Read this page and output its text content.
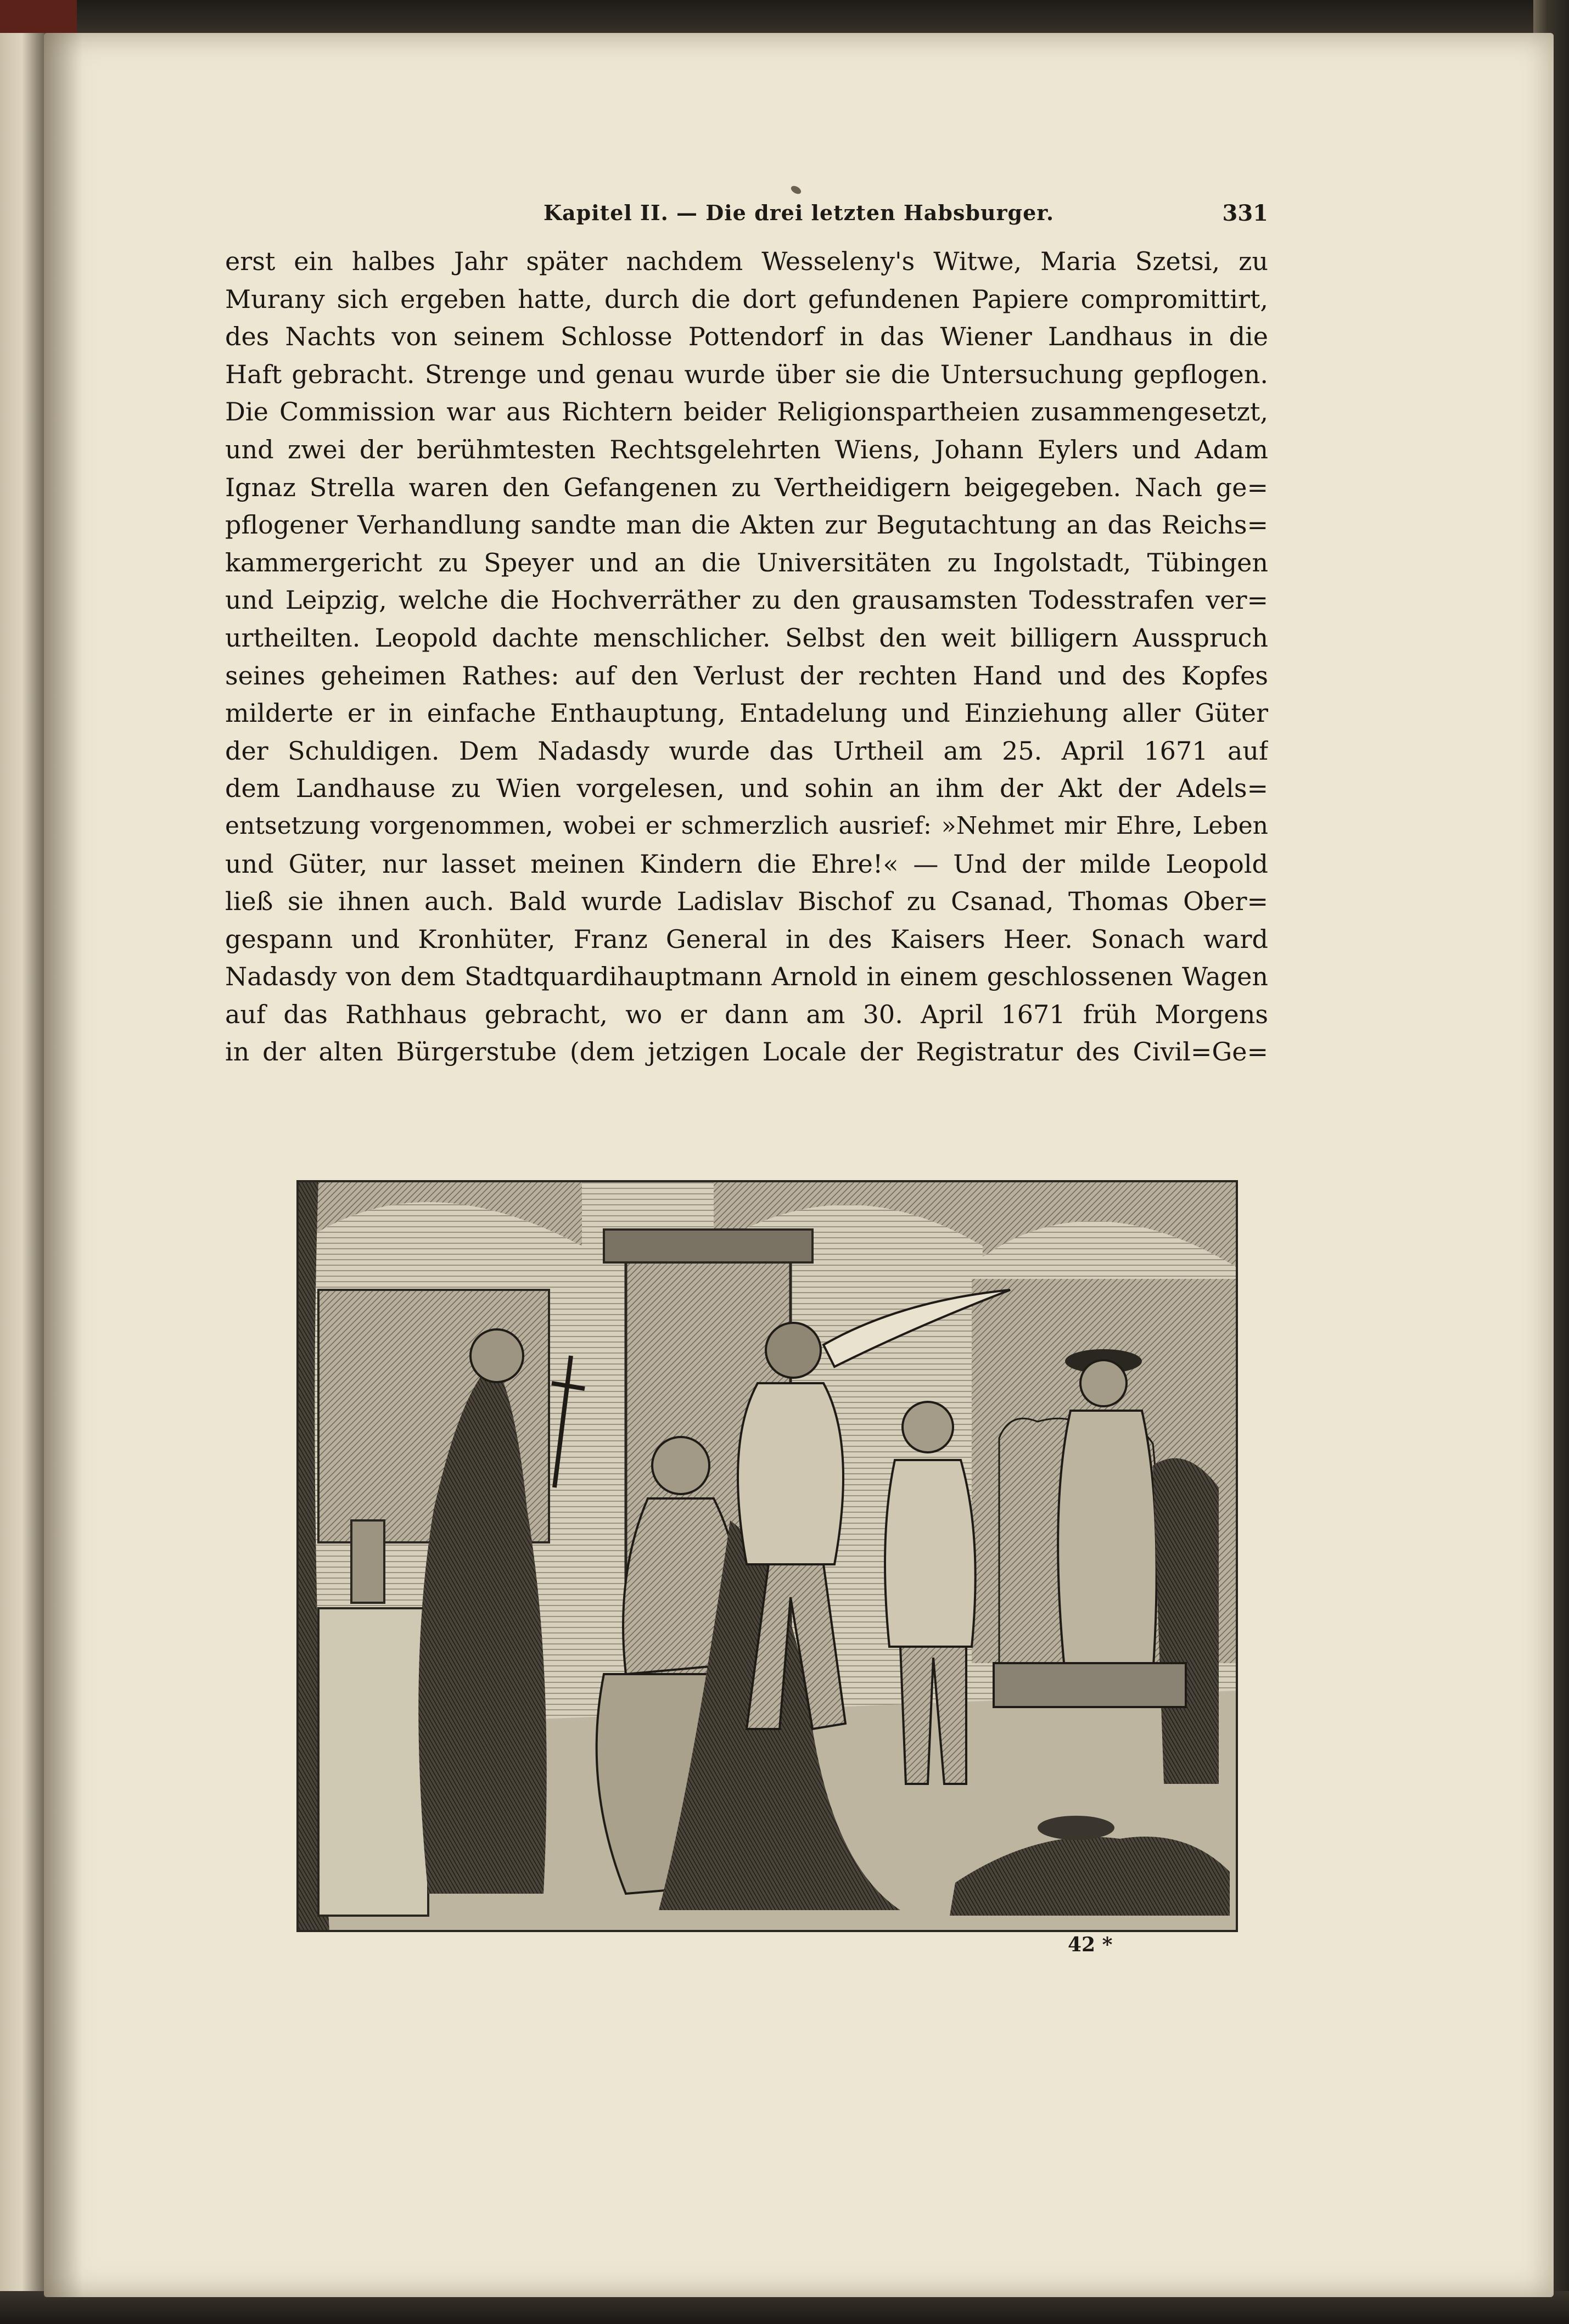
Kapitel II. — Die drei letzten Habsburger.	331
erst ein halbes Jahr später nachdem Wesseleny's Witwe, Maria Szetsi, zu
Murany sich ergeben hatte, durch die dort gefundenen Papiere compromittirt,
des Nachts von seinem Schlosse Pottendorf in das Wiener Landhaus in die
Haft gebracht. Strenge und genau wurde über sie die Untersuchung gepflogen.
Die Commission war aus Richtern beider Religionspartheien zusammengesetzt,
und zwei der berühmtesten Rechtsgelehrten Wiens, Johann Eylers und Adam
Ignaz Strella waren den Gefangenen zu Vertheidigern beigegeben. Nach ge=
pflogener Verhandlung sandte man die Akten zur Begutachtung an das Reichs=
kammergericht zu Speyer und an die Universitäten zu Ingolstadt, Tübingen
und Leipzig, welche die Hochverräther zu den grausamsten Todesstrafen ver=
urtheilten. Leopold dachte menschlicher. Selbst den weit billigern Ausspruch
seines geheimen Rathes: auf den Verlust der rechten Hand und des Kopfes
milderte er in einfache Enthauptung, Entadelung und Einziehung aller Güter
der Schuldigen. Dem Nadasdy wurde das Urtheil am 25. April 1671 auf
dem Landhause zu Wien vorgelesen, und sohin an ihm der Akt der Adels=
entsetzung vorgenommen, wobei er schmerzlich ausrief: »Nehmet mir Ehre, Leben
und Güter, nur lasset meinen Kindern die Ehre!« — Und der milde Leopold
ließ sie ihnen auch. Bald wurde Ladislav Bischof zu Csanad, Thomas Ober=
gespann und Kronhüter, Franz General in des Kaisers Heer. Sonach ward
Nadasdy von dem Stadtquardihauptmann Arnold in einem geschlossenen Wagen
auf das Rathhaus gebracht, wo er dann am 30. April 1671 früh Morgens
in der alten Bürgerstube (dem jetzigen Locale der Registratur des Civil=Ge=
42 *
